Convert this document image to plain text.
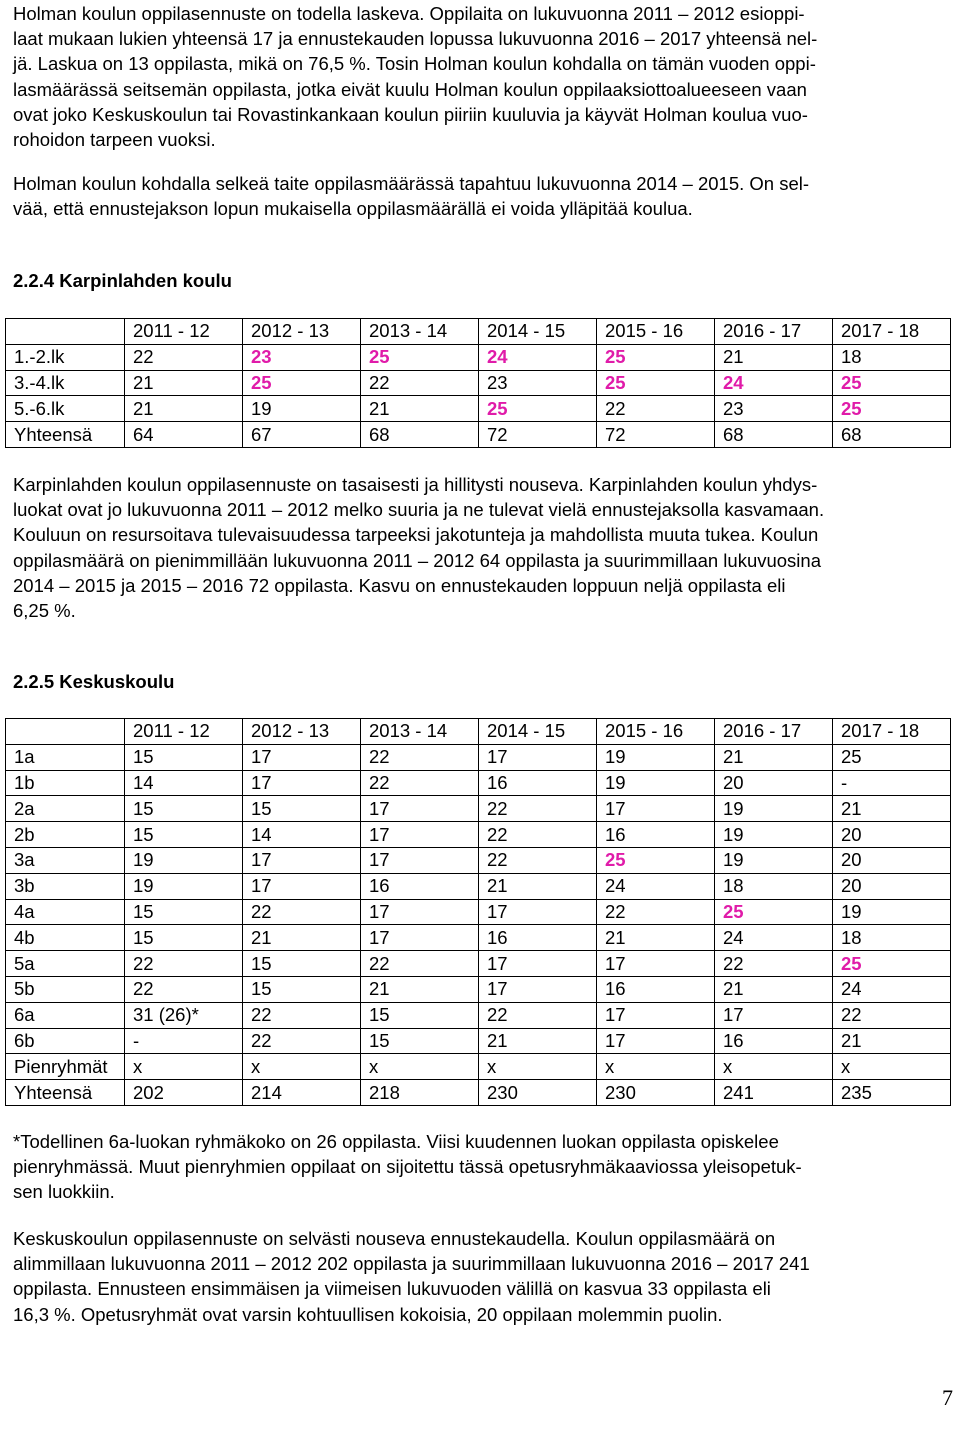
Holman koulun oppilasennuste on todella laskeva. Oppilaita on lukuvuonna 2011 – 2012 esioppi-

laat mukaan lukien yhteensä 17 ja ennustekauden lopussa lukuvuonna 2016 – 2017 yhteensä nel-

jä. Laskua on 13 oppilasta, mikä on 76,5 %. Tosin Holman koulun kohdalla on tämän vuoden oppi-

lasmäärässä seitsemän oppilasta, jotka eivät kuulu Holman koulun oppilaaksiottoalueeseen vaan

ovat joko Keskuskoulun tai Rovastinkankaan koulun piiriin kuuluvia ja käyvät Holman koulua vuo-

rohoidon tarpeen vuoksi.

Holman koulun kohdalla selkeä taite oppilasmäärässä tapahtuu lukuvuonna 2014 – 2015. On sel-

vää, että ennustejakson lopun mukaisella oppilasmäärällä ei voida ylläpitää koulua.

2.2.4 Karpinlahden koulu
	2011 - 12	2012 - 13	2013 - 14	2014 - 15	2015 - 16	2016 - 17	2017 - 18
1.-2.lk	22	23	25	24	25	21	18
3.-4.lk	21	25	22	23	25	24	25
5.-6.lk	21	19	21	25	22	23	25
Yhteensä	64	67	68	72	72	68	68

Karpinlahden koulun oppilasennuste on tasaisesti ja hillitysti nouseva. Karpinlahden koulun yhdys-

luokat ovat jo lukuvuonna 2011 – 2012 melko suuria ja ne tulevat vielä ennustejaksolla kasvamaan.

Kouluun on resursoitava tulevaisuudessa tarpeeksi jakotunteja ja mahdollista muuta tukea. Koulun

oppilasmäärä on pienimmillään lukuvuonna 2011 – 2012 64 oppilasta ja suurimmillaan lukuvuosina

2014 – 2015 ja 2015 – 2016 72 oppilasta. Kasvu on ennustekauden loppuun neljä oppilasta eli

6,25 %.

2.2.5 Keskuskoulu
	2011 - 12	2012 - 13	2013 - 14	2014 - 15	2015 - 16	2016 - 17	2017 - 18
1a	15	17	22	17	19	21	25
1b	14	17	22	16	19	20	-
2a	15	15	17	22	17	19	21
2b	15	14	17	22	16	19	20
3a	19	17	17	22	25	19	20
3b	19	17	16	21	24	18	20
4a	15	22	17	17	22	25	19
4b	15	21	17	16	21	24	18
5a	22	15	22	17	17	22	25
5b	22	15	21	17	16	21	24
6a	31 (26)*	22	15	22	17	17	22
6b	-	22	15	21	17	16	21
Pienryhmät	x	x	x	x	x	x	x
Yhteensä	202	214	218	230	230	241	235

*Todellinen 6a-luokan ryhmäkoko on 26 oppilasta. Viisi kuudennen luokan oppilasta opiskelee

pienryhmässä. Muut pienryhmien oppilaat on sijoitettu tässä opetusryhmäkaaviossa yleisopetuk-

sen luokkiin.

Keskuskoulun oppilasennuste on selvästi nouseva ennustekaudella. Koulun oppilasmäärä on

alimmillaan lukuvuonna 2011 – 2012 202 oppilasta ja suurimmillaan lukuvuonna 2016 – 2017 241

oppilasta. Ennusteen ensimmäisen ja viimeisen lukuvuoden välillä on kasvua 33 oppilasta eli

16,3 %. Opetusryhmät ovat varsin kohtuullisen kokoisia, 20 oppilaan molemmin puolin.

7
